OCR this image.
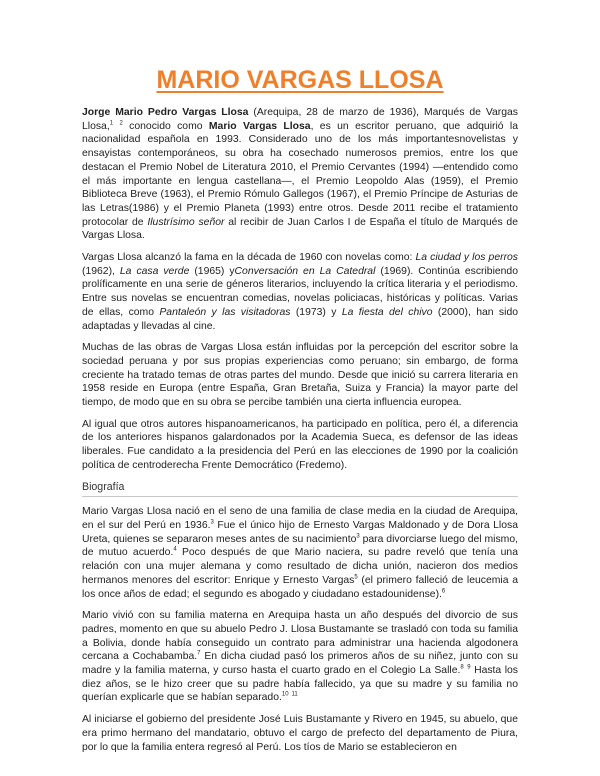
MARIO VARGAS LLOSA

Jorge Mario Pedro Vargas Llosa (Arequipa, 28 de marzo de 1936), Marqués de Vargas Llosa,$^1$ $^2$ conocido como Mario Vargas Llosa, es un escritor peruano, que adquirió la nacionalidad española en 1993. Considerado uno de los más importantesnovelistas y ensayistas contemporáneos, su obra ha cosechado numerosos premios, entre los que destacan el Premio Nobel de Literatura 2010, el Premio Cervantes (1994) —entendido como el más importante en lengua castellana—, el Premio Leopoldo Alas (1959), el Premio Biblioteca Breve (1963), el Premio Rómulo Gallegos (1967), el Premio Príncipe de Asturias de las Letras(1986) y el Premio Planeta (1993) entre otros. Desde 2011 recibe el tratamiento protocolar de Ilustrísimo señor al recibir de Juan Carlos I de España el título de Marqués de Vargas Llosa.

Vargas Llosa alcanzó la fama en la década de 1960 con novelas como: La ciudad y los perros (1962), La casa verde (1965) yConversación en La Catedral (1969). Continúa escribiendo prolíficamente en una serie de géneros literarios, incluyendo la crítica literaria y el periodismo. Entre sus novelas se encuentran comedias, novelas policiacas, históricas y políticas. Varias de ellas, como Pantaleón y las visitadoras (1973) y La fiesta del chivo (2000), han sido adaptadas y llevadas al cine.

Muchas de las obras de Vargas Llosa están influidas por la percepción del escritor sobre la sociedad peruana y por sus propias experiencias como peruano; sin embargo, de forma creciente ha tratado temas de otras partes del mundo. Desde que inició su carrera literaria en 1958 reside en Europa (entre España, Gran Bretaña, Suiza y Francia) la mayor parte del tiempo, de modo que en su obra se percibe también una cierta influencia europea.

Al igual que otros autores hispanoamericanos, ha participado en política, pero él, a diferencia de los anteriores hispanos galardonados por la Academia Sueca, es defensor de las ideas liberales. Fue candidato a la presidencia del Perú en las elecciones de 1990 por la coalición política de centroderecha Frente Democrático (Fredemo).

Biografía

Mario Vargas Llosa nació en el seno de una familia de clase media en la ciudad de Arequipa, en el sur del Perú en 1936.$^3$ Fue el único hijo de Ernesto Vargas Maldonado y de Dora Llosa Ureta, quienes se separaron meses antes de su nacimiento$^3$ para divorciarse luego del mismo, de mutuo acuerdo.$^4$ Poco después de que Mario naciera, su padre reveló que tenía una relación con una mujer alemana y como resultado de dicha unión, nacieron dos medios hermanos menores del escritor: Enrique y Ernesto Vargas$^5$ (el primero falleció de leucemia a los once años de edad; el segundo es abogado y ciudadano estadounidense).$^6$

Mario vivió con su familia materna en Arequipa hasta un año después del divorcio de sus padres, momento en que su abuelo Pedro J. Llosa Bustamante se trasladó con toda su familia a Bolivia, donde había conseguido un contrato para administrar una hacienda algodonera cercana a Cochabamba.$^7$ En dicha ciudad pasó los primeros años de su niñez, junto con su madre y la familia materna, y curso hasta el cuarto grado en el Colegio La Salle.$^8$ $^9$ Hasta los diez años, se le hizo creer que su padre había fallecido, ya que su madre y su familia no querían explicarle que se habían separado.$^{10}$ $^{11}$

Al iniciarse el gobierno del presidente José Luis Bustamante y Rivero en 1945, su abuelo, que era primo hermano del mandatario, obtuvo el cargo de prefecto del departamento de Piura, por lo que la familia entera regresó al Perú. Los tíos de Mario se establecieron en
